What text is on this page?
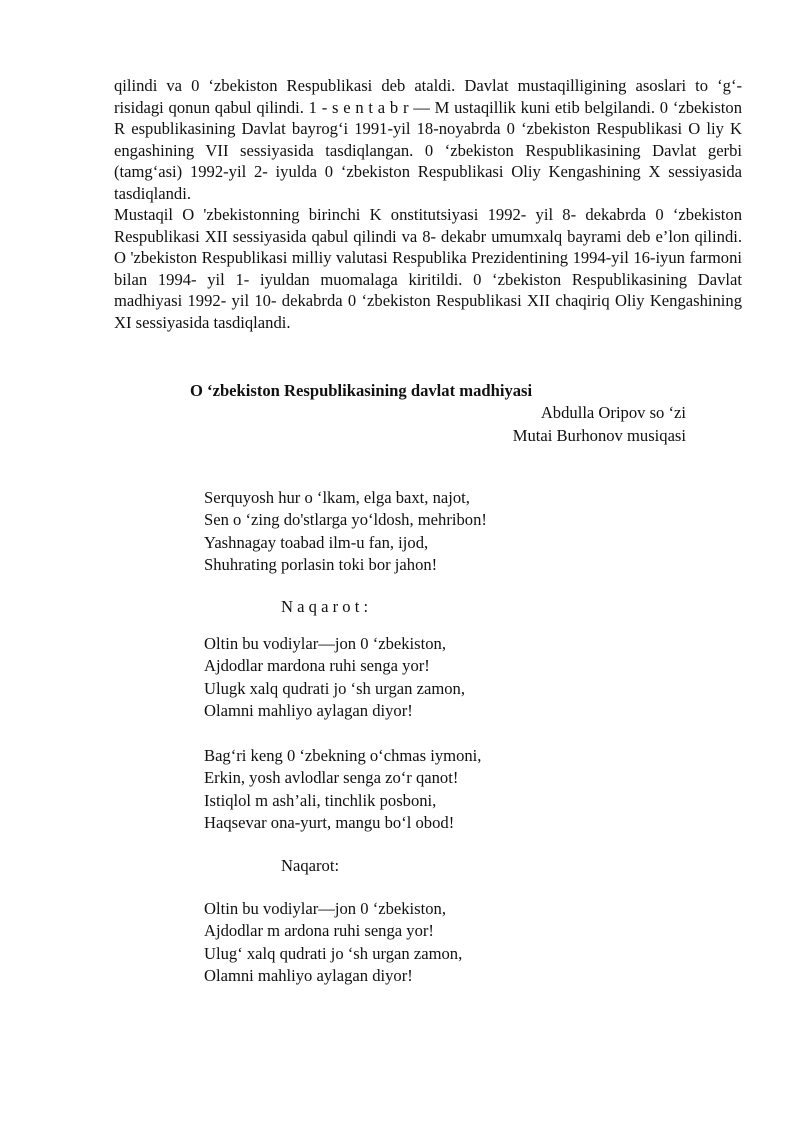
qilindi va 0 ‘zbekiston Respublikasi deb ataldi. Davlat mustaqilligining asoslari to ‘g‘- risidagi qonun qabul qilindi. 1 - s e n t a b r — M ustaqillik kuni etib belgilandi. 0 ‘zbekiston R espublikasining Davlat bayrog‘i 1991-yil 18-noyabrda 0 ‘zbekiston Respublikasi O liy K engashining VII sessiyasida tasdiqlangan. 0 ‘zbekiston Respublikasining Davlat gerbi (tamg‘asi) 1992-yil 2- iyulda 0 ‘zbekiston Respublikasi Oliy Kengashining X sessiyasida tasdiqlandi.

Mustaqil O 'zbekistonning birinchi K onstitutsiyasi 1992- yil 8- dekabrda 0 ‘zbekiston Respublikasi XII sessiyasida qabul qilindi va 8- dekabr umumxalq bayrami deb e’lon qilindi. O 'zbekiston Respublikasi milliy valutasi Respublika Prezidentining 1994-yil 16-iyun farmoni bilan 1994- yil 1- iyuldan muomalaga kiritildi. 0 ‘zbekiston Respublikasining Davlat madhiyasi 1992- yil 10- dekabrda 0 ‘zbekiston Respublikasi XII chaqiriq Oliy Kengashining XI sessiyasida tasdiqlandi.

O ‘zbekiston Respublikasining davlat madhiyasi

Abdulla Oripov so ‘zi

Mutai Burhonov musiqasi

Serquyosh hur o ‘lkam, elga baxt, najot,
Sen o ‘zing do'stlarga yo‘ldosh, mehribon!
Yashnagay toabad ilm-u fan, ijod,
Shuhrating porlasin toki bor jahon!

N a q a r o t :

Oltin bu vodiylar—jon 0 ‘zbekiston,
Ajdodlar mardona ruhi senga yor!
Ulugk xalq qudrati jo ‘sh urgan zamon,
Olamni mahliyo aylagan diyor!
Bag‘ri keng 0 ‘zbekning o‘chmas iymoni,
Erkin, yosh avlodlar senga zo‘r qanot!
Istiqlol m ash’ali, tinchlik posboni,
Haqsevar ona-yurt, mangu bo‘l obod!

Naqarot:

Oltin bu vodiylar—jon 0 ‘zbekiston,
Ajdodlar m ardona ruhi senga yor!
Ulug‘ xalq qudrati jo ‘sh urgan zamon,
Olamni mahliyo aylagan diyor!
